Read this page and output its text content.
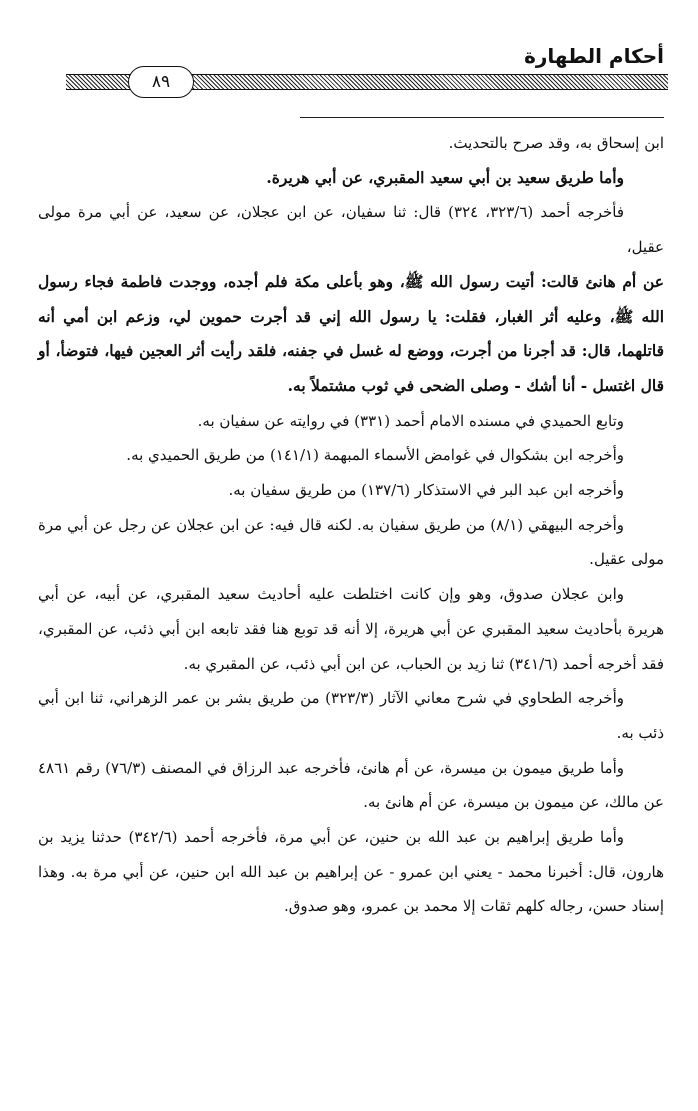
أحكام الطهارة
٨٩

ابن إسحاق به، وقد صرح بالتحديث.

وأما طريق سعيد بن أبي سعيد المقبري، عن أبي هريرة.

فأخرجه أحمد (٣٢٣/٦، ٣٢٤) قال: ثنا سفيان، عن ابن عجلان، عن سعيد، عن أبي مرة مولى عقيل،

عن أم هانئ قالت: أتيت رسول الله ﷺ، وهو بأعلى مكة فلم أجده، ووجدت فاطمة فجاء رسول الله ﷺ، وعليه أثر الغبار، فقلت: يا رسول الله إني قد أجرت حموين لي، وزعم ابن أمي أنه قاتلهما، قال: قد أجرنا من أجرت، ووضع له غسل في جفنه، فلقد رأيت أثر العجين فيها، فتوضأ، أو قال اغتسل - أنا أشك - وصلى الضحى في ثوب مشتملاً به.

وتابع الحميدي في مسنده الامام أحمد (٣٣١) في روايته عن سفيان به.

وأخرجه ابن بشكوال في غوامض الأسماء المبهمة (١٤١/١) من طريق الحميدي به.

وأخرجه ابن عبد البر في الاستذكار (١٣٧/٦) من طريق سفيان به.

وأخرجه البيهقي (٨/١) من طريق سفيان به. لكنه قال فيه: عن ابن عجلان عن رجل عن أبي مرة مولى عقيل.

وابن عجلان صدوق، وهو وإن كانت اختلطت عليه أحاديث سعيد المقبري، عن أبيه، عن أبي هريرة بأحاديث سعيد المقبري عن أبي هريرة، إلا أنه قد توبع هنا فقد تابعه ابن أبي ذئب، عن المقبري، فقد أخرجه أحمد (٣٤١/٦) ثنا زيد بن الحباب، عن ابن أبي ذئب، عن المقبري به.

وأخرجه الطحاوي في شرح معاني الآثار (٣٢٣/٣) من طريق بشر بن عمر الزهراني، ثنا ابن أبي ذئب به.

وأما طريق ميمون بن ميسرة، عن أم هانئ، فأخرجه عبد الرزاق في المصنف (٧٦/٣) رقم ٤٨٦١ عن مالك، عن ميمون بن ميسرة، عن أم هانئ به.

وأما طريق إبراهيم بن عبد الله بن حنين، عن أبي مرة، فأخرجه أحمد (٣٤٢/٦) حدثنا يزيد بن هارون، قال: أخبرنا محمد - يعني ابن عمرو - عن إبراهيم بن عبد الله ابن حنين، عن أبي مرة به. وهذا إسناد حسن، رجاله كلهم ثقات إلا محمد بن عمرو، وهو صدوق.
